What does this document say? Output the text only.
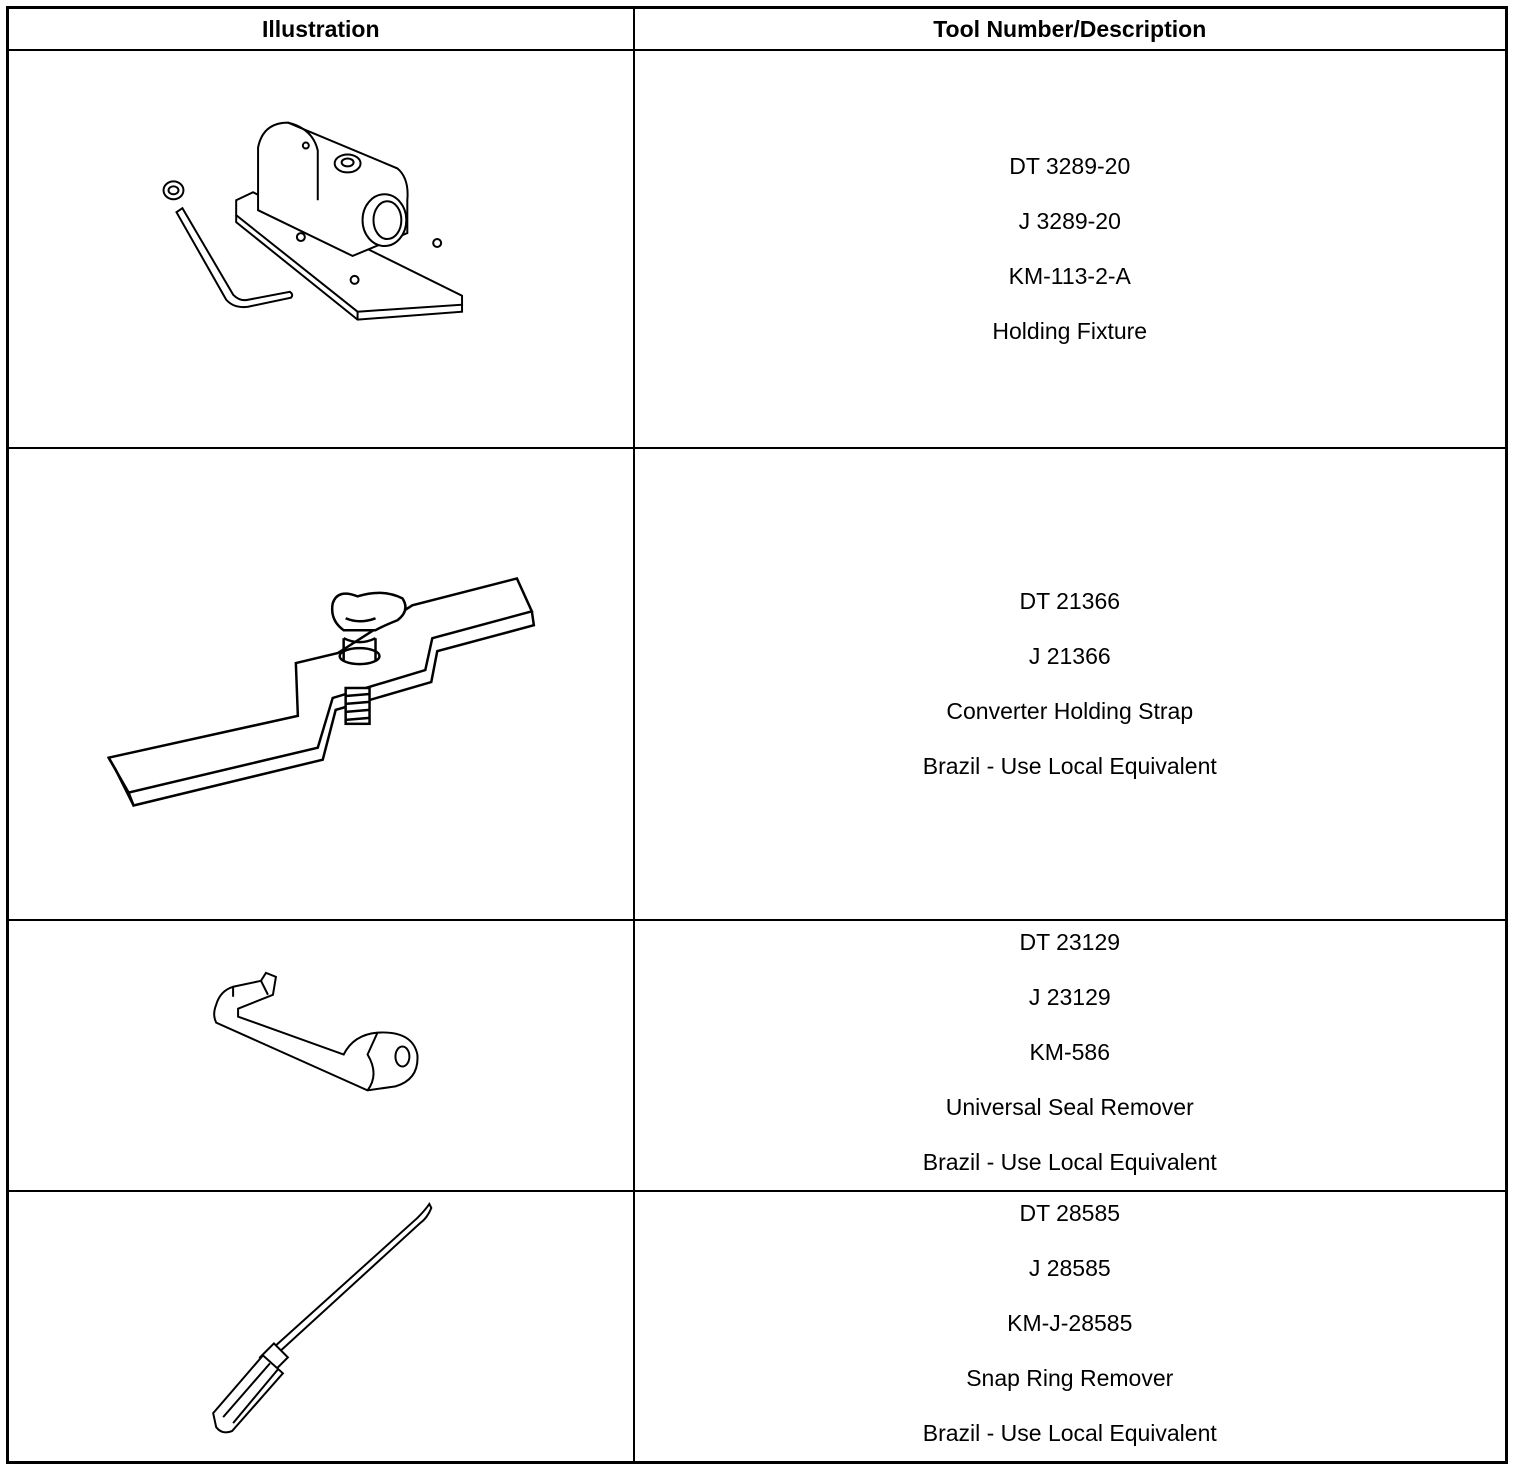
Illustration	Tool Number/Description

DT 3289-20
J 3289-20
KM-113-2-A
Holding Fixture

DT 21366
J 21366
Converter Holding Strap
Brazil - Use Local Equivalent

DT 23129
J 23129
KM-586
Universal Seal Remover
Brazil - Use Local Equivalent

DT 28585
J 28585
KM-J-28585
Snap Ring Remover
Brazil - Use Local Equivalent
